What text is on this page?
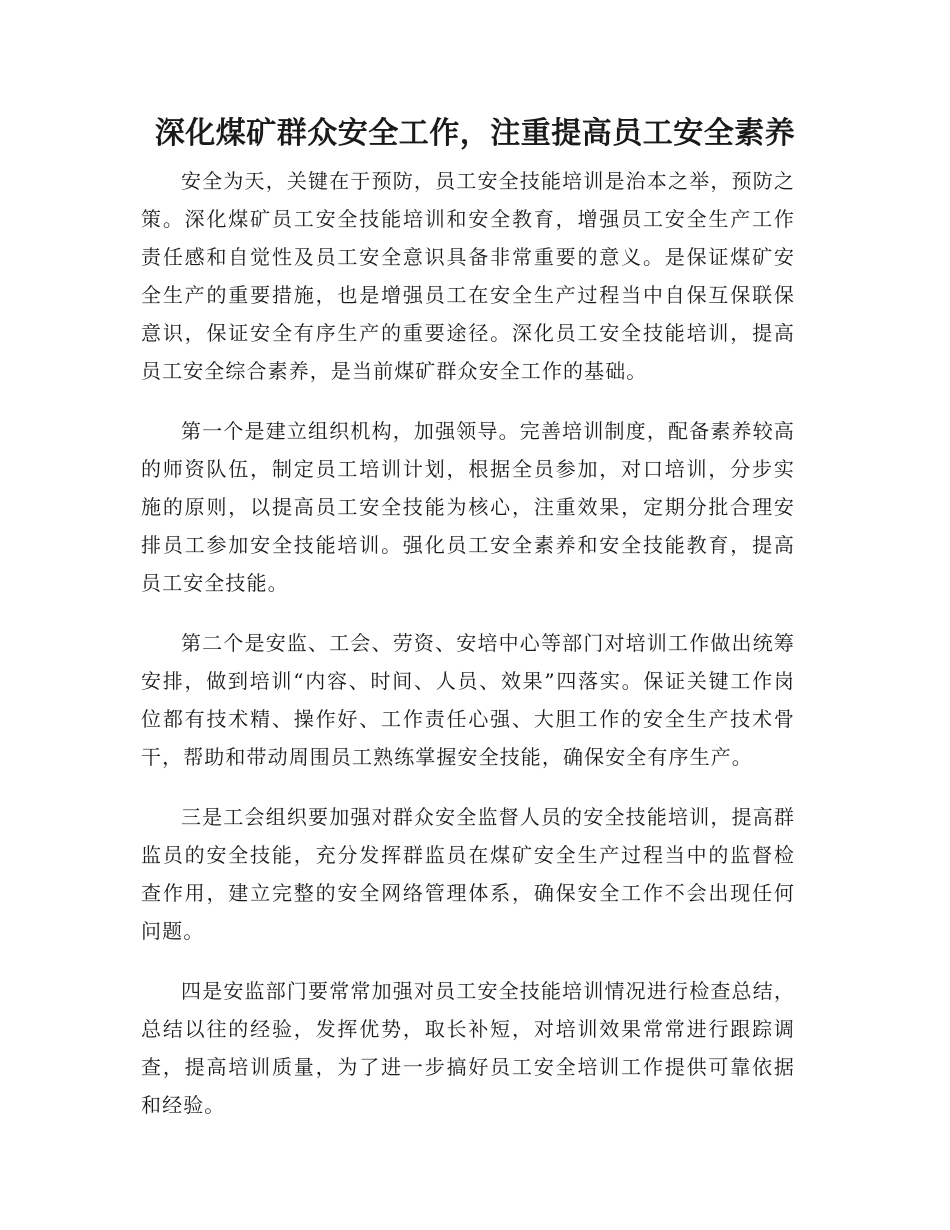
深化煤矿群众安全工作，注重提高员工安全素养

安全为天，关键在于预防，员工安全技能培训是治本之举，预防之策。深化煤矿员工安全技能培训和安全教育，增强员工安全生产工作责任感和自觉性及员工安全意识具备非常重要的意义。是保证煤矿安全生产的重要措施，也是增强员工在安全生产过程当中自保互保联保意识，保证安全有序生产的重要途径。深化员工安全技能培训，提高员工安全综合素养，是当前煤矿群众安全工作的基础。

第一个是建立组织机构，加强领导。完善培训制度，配备素养较高的师资队伍，制定员工培训计划，根据全员参加，对口培训，分步实施的原则，以提高员工安全技能为核心，注重效果，定期分批合理安排员工参加安全技能培训。强化员工安全素养和安全技能教育，提高员工安全技能。

第二个是安监、工会、劳资、安培中心等部门对培训工作做出统筹安排，做到培训“内容、时间、人员、效果”四落实。保证关键工作岗位都有技术精、操作好、工作责任心强、大胆工作的安全生产技术骨干，帮助和带动周围员工熟练掌握安全技能，确保安全有序生产。

三是工会组织要加强对群众安全监督人员的安全技能培训，提高群监员的安全技能，充分发挥群监员在煤矿安全生产过程当中的监督检查作用，建立完整的安全网络管理体系，确保安全工作不会出现任何问题。

四是安监部门要常常加强对员工安全技能培训情况进行检查总结，总结以往的经验，发挥优势，取长补短，对培训效果常常进行跟踪调查，提高培训质量，为了进一步搞好员工安全培训工作提供可靠依据和经验。
